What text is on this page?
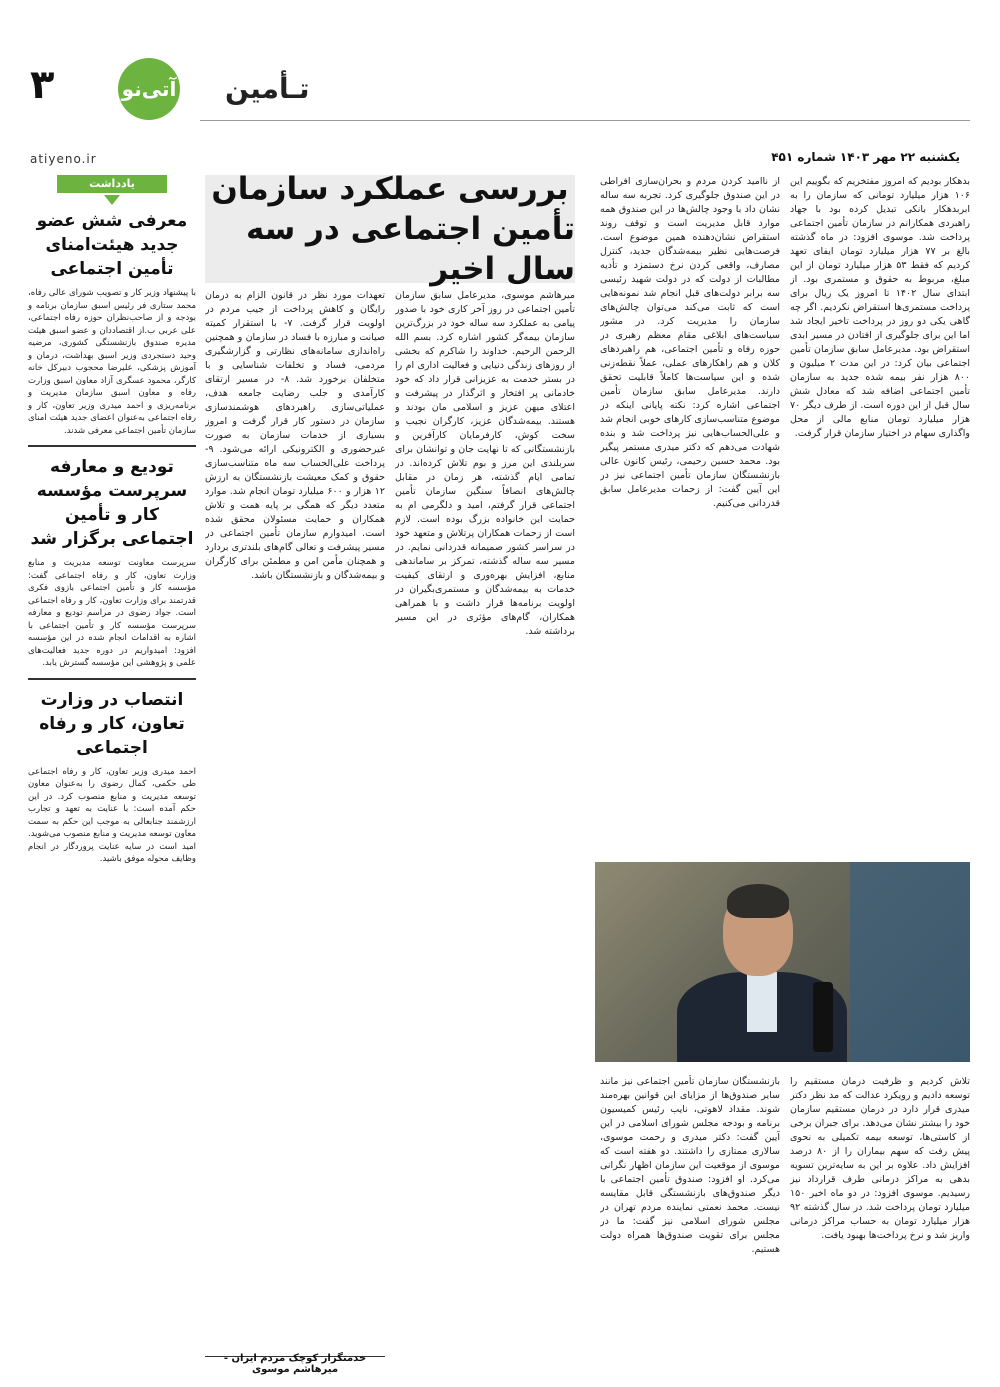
۳	آتی‌نو تـأمین
atiyeno.ir	یکشنبه ۲۲ مهر ۱۴۰۳ شماره ۴۵۱
یادداشت
معرفی شش عضو جدید هیئت‌امنای تأمین اجتماعی
با پیشنهاد وزیر کار و تصویب شورای عالی رفاه، محمد ستاری فر رئیس اسبق سازمان برنامه و بودجه و از صاحب‌نظران حوزه رفاه اجتماعی، علی عربی ب.از اقتصاددان و عضو اسبق هیئت مدیره صندوق بازنشستگی کشوری، مرضیه وحید دستجردی وزیر اسبق بهداشت، درمان و آموزش پزشکی، علیرضا محجوب دبیرکل خانه کارگر، محمود عسگری آزاد معاون اسبق وزارت رفاه و معاون اسبق سازمان مدیریت و برنامه‌ریزی و احمد میدری وزیر تعاون، کار و رفاه اجتماعی به‌عنوان اعضای جدید هیئت امنای سازمان تأمین اجتماعی معرفی شدند.
تودیع و معارفه سرپرست مؤسسه کار و تأمین اجتماعی برگزار شد
سرپرست معاونت توسعه مدیریت و منابع وزارت تعاون، کار و رفاه اجتماعی گفت: مؤسسه کار و تأمین اجتماعی بازوی فکری قدرتمند برای وزارت تعاون، کار و رفاه اجتماعی است. جواد رضوی در مراسم تودیع و معارفه سرپرست مؤسسه کار و تأمین اجتماعی با اشاره به اقدامات انجام شده در این مؤسسه افزود: امیدواریم در دوره جدید فعالیت‌های علمی و پژوهشی این مؤسسه گسترش یابد.
انتصاب در وزارت تعاون، کار و رفاه اجتماعی
احمد میدری وزیر تعاون، کار و رفاه اجتماعی طی حکمی، کمال رضوی را به‌عنوان معاون توسعه مدیریت و منابع منصوب کرد. در این حکم آمده است: با عنایت به تعهد و تجارب ارزشمند جنابعالی به موجب این حکم به سمت معاون توسعه مدیریت و منابع منصوب می‌شوید. امید است در سایه عنایت پروردگار در انجام وظایف محوله موفق باشید.
بررسی عملکرد سازمان
تأمین اجتماعی در سه سال اخیر
میرهاشم موسوی، مدیرعامل سابق سازمان تأمین اجتماعی در روز آخر کاری خود با صدور پیامی به عملکرد سه ساله خود در بزرگ‌ترین سازمان بیمه‌گر کشور اشاره کرد. بسم الله الرحمن الرحیم. خداوند را شاکرم که بخشی از روزهای زندگی دنیایی و فعالیت اداری ام را در بستر خدمت به عزیزانی قرار داد که خود خادمانی پر افتخار و اثرگذار در پیشرفت و اعتلای میهن عزیز و اسلامی مان بودند و هستند. بیمه‌شدگان عزیز، کارگران نجیب و سخت کوش، کارفرمایان کارآفرین و بازنشستگانی که تا نهایت جان و توانشان برای سربلندی این مرز و بوم تلاش کرده‌اند. در تمامی ایام گذشته، هر زمان در مقابل چالش‌های انصافاً سنگین سازمان تأمین اجتماعی قرار گرفتم، امید و دلگرمی ام به حمایت این خانواده بزرگ بوده است. لازم است از زحمات همکاران پرتلاش و متعهد خود در سراسر کشور صمیمانه قدردانی نمایم. در مسیر سه ساله گذشته، تمرکز بر ساماندهی منابع، افزایش بهره‌وری و ارتقای کیفیت خدمات به بیمه‌شدگان و مستمری‌بگیران در اولویت برنامه‌ها قرار داشت و با همراهی همکاران، گام‌های مؤثری در این مسیر برداشته شد.
تعهدات مورد نظر در قانون الزام به درمان رایگان و کاهش پرداخت از جیب مردم در اولویت قرار گرفت. ۷- با استقرار کمیته صیانت و مبارزه با فساد در سازمان و همچنین راه‌اندازی سامانه‌های نظارتی و گزارشگیری مردمی، فساد و تخلفات شناسایی و با متخلفان برخورد شد. ۸- در مسیر ارتقای کارآمدی و جلب رضایت جامعه هدف، عملیاتی‌سازی راهبردهای هوشمندسازی سازمان در دستور کار قرار گرفت و امروز بسیاری از خدمات سازمان به صورت غیرحضوری و الکترونیکی ارائه می‌شود. ۹- پرداخت علی‌الحساب سه ماه متناسب‌سازی حقوق و کمک معیشت بازنشستگان به ارزش ۱۲ هزار و ۶۰۰ میلیارد تومان انجام شد. موارد متعدد دیگر که همگی بر پایه همت و تلاش همکاران و حمایت مسئولان محقق شده است. امیدوارم سازمان تأمین اجتماعی در مسیر پیشرفت و تعالی گام‌های بلندتری بردارد و همچنان مأمن امن و مطمئن برای کارگران و بیمه‌شدگان و بازنشستگان باشد.
خدمتگزار کوچک مردم ایران - میرهاشم موسوی
بدهکار بودیم که امروز مفتخریم که بگوییم این ۱۰۶ هزار میلیارد تومانی که سازمان را به ابربدهکار بانکی تبدیل کرده بود با جهاد راهبردی همکارانم در سازمان تأمین اجتماعی پرداخت شد. موسوی افزود: در ماه گذشته بالغ بر ۷۷ هزار میلیارد تومان ایفای تعهد کردیم که فقط ۵۳ هزار میلیارد تومان از این مبلغ، مربوط به حقوق و مستمری بود. از ابتدای سال ۱۴۰۲ تا امروز یک ریال برای پرداخت مستمری‌ها استقراض نکردیم. اگر چه گاهی یکی دو روز در پرداخت تاخیر ایجاد شد اما این برای جلوگیری از افتادن در مسیر ابدی استقراض بود. مدیرعامل سابق سازمان تأمین اجتماعی بیان کرد: در این مدت ۲ میلیون و ۸۰۰ هزار نفر بیمه شده جدید به سازمان تأمین اجتماعی اضافه شد که معادل شش سال قبل از این دوره است. از طرف دیگر ۷۰ هزار میلیارد تومان منابع مالی از محل واگذاری سهام در اختیار سازمان قرار گرفت.
از ناامید کردن مردم و بحران‌سازی افراطی در این صندوق جلوگیری کرد. تجربه سه ساله نشان داد با وجود چالش‌ها در این صندوق همه موارد قابل مدیریت است و توقف روند استقراض نشان‌دهنده همین موضوع است. فرصت‌هایی نظیر بیمه‌شدگان جدید، کنترل مصارف، واقعی کردن نرخ دستمزد و تأدیه مطالبات از دولت که در دولت شهید رئیسی سه برابر دولت‌های قبل انجام شد نمونه‌هایی است که ثابت می‌کند می‌توان چالش‌های سازمان را مدیریت کرد. در مشور سیاست‌های ابلاغی مقام معظم رهبری در حوزه رفاه و تأمین اجتماعی، هم راهبردهای کلان و هم راهکارهای عملی، عملاً نقطه‌زنی شده و این سیاست‌ها کاملاً قابلیت تحقق دارند. مدیرعامل سابق سازمان تأمین اجتماعی اشاره کرد: نکته پایانی اینکه در موضوع متناسب‌سازی کارهای خوبی انجام شد و علی‌الحساب‌هایی نیز پرداخت شد و بنده شهادت می‌دهم که دکتر میدری مستمر پیگیر بود. محمد حسین رحیمی، رئیس کانون عالی بازنشستگان سازمان تأمین اجتماعی نیز در این آیین گفت: از زحمات مدیرعامل سابق قدردانی می‌کنیم.
تلاش کردیم و ظرفیت درمان مستقیم را توسعه دادیم و رویکرد عدالت که مد نظر دکتر میدری قرار دارد در درمان مستقیم سازمان خود را بیشتر نشان می‌دهد. برای جبران برخی از کاستی‌ها، توسعه بیمه تکمیلی به نحوی پیش رفت که سهم بیماران را از ۸۰ درصد افزایش داد. علاوه بر این به سایه‌ترین تسویه بدهی به مراکز درمانی طرف قرارداد نیز رسیدیم. موسوی افزود: در دو ماه اخیر ۱۵۰ میلیارد تومان پرداخت شد. در سال گذشته ۹۲ هزار میلیارد تومان به حساب مراکز درمانی واریز شد و نرخ پرداخت‌ها بهبود یافت.
بازنشستگان سازمان تأمین اجتماعی نیز مانند سایر صندوق‌ها از مزایای این قوانین بهره‌مند شوند. مقداد لاهوتی، نایب رئیس کمیسیون برنامه و بودجه مجلس شورای اسلامی در این آیین گفت: دکتر میدری و رحمت موسوی، سالاری ممتازی را داشتند. دو هفته است که موسوی از موقعیت این سازمان اظهار نگرانی می‌کرد. او افزود: صندوق تأمین اجتماعی با دیگر صندوق‌های بازنشستگی قابل مقایسه نیست. محمد نعمتی نماینده مردم تهران در مجلس شورای اسلامی نیز گفت: ما در مجلس برای تقویت صندوق‌ها همراه دولت هستیم.
